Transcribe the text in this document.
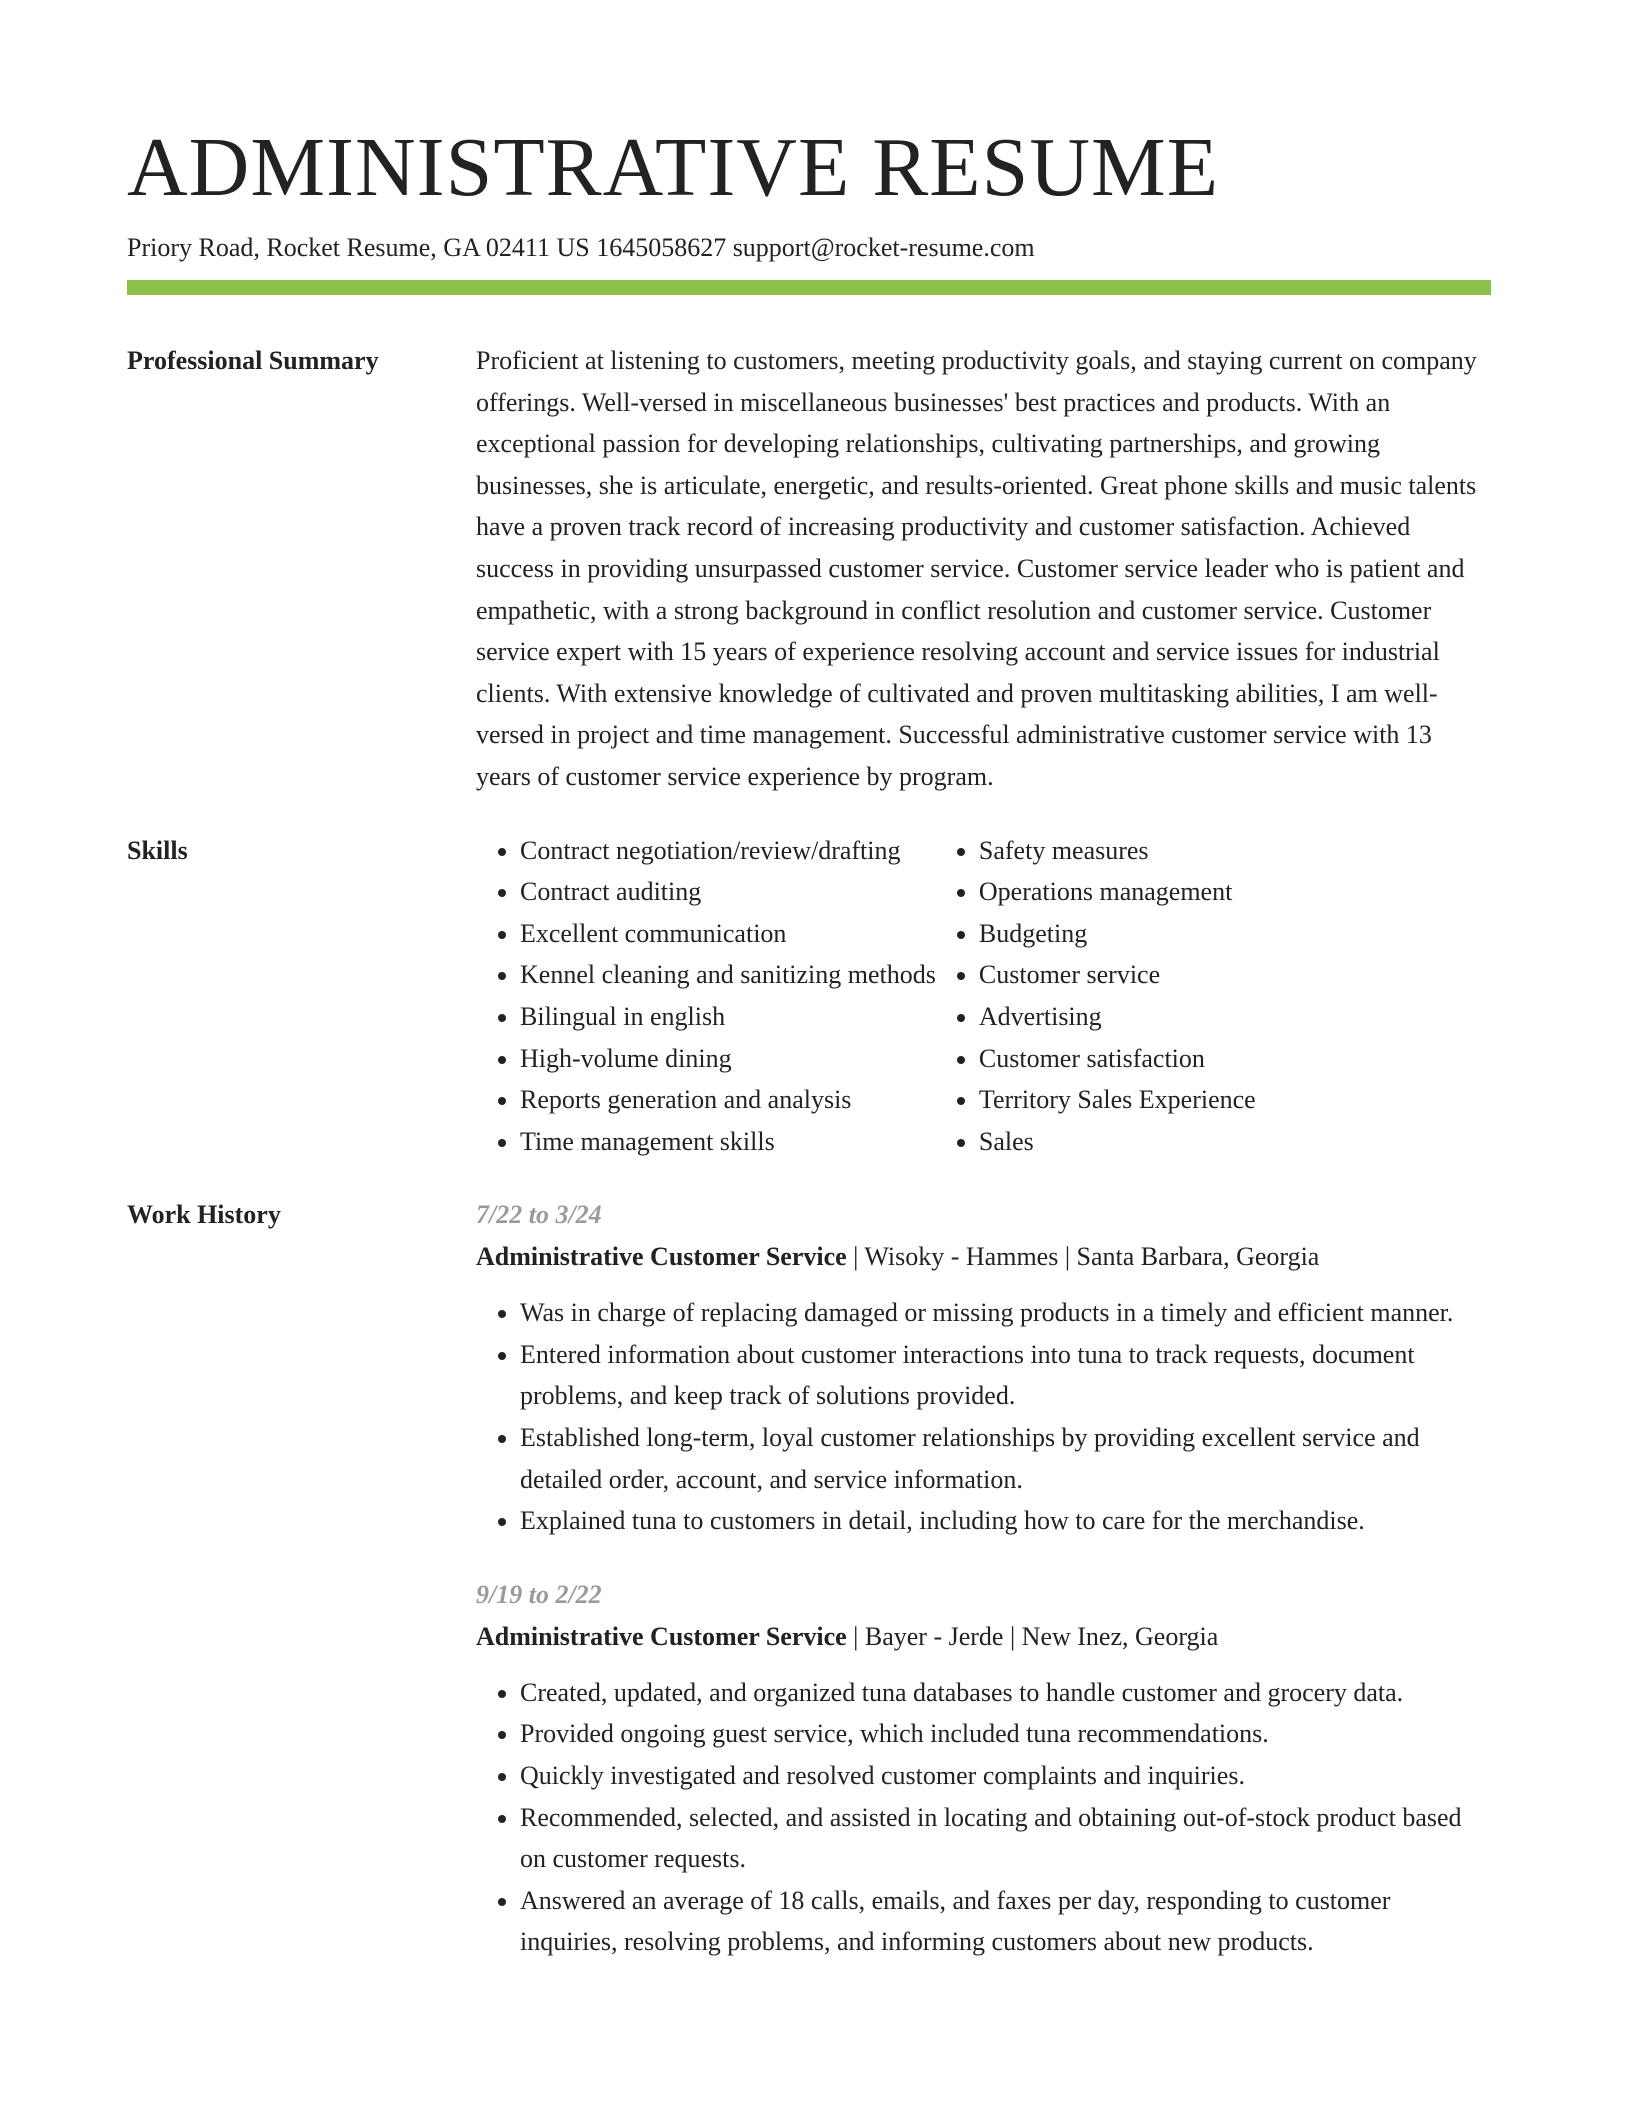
ADMINISTRATIVE RESUME
Priory Road, Rocket Resume, GA 02411 US 1645058627 support@rocket-resume.com
Professional Summary	Proficient at listening to customers, meeting productivity goals, and staying current on company offerings. Well-versed in miscellaneous businesses' best practices and products. With an exceptional passion for developing relationships, cultivating partnerships, and growing businesses, she is articulate, energetic, and results-oriented. Great phone skills and music talents have a proven track record of increasing productivity and customer satisfaction. Achieved success in providing unsurpassed customer service. Customer service leader who is patient and empathetic, with a strong background in conflict resolution and customer service. Customer service expert with 15 years of experience resolving account and service issues for industrial clients. With extensive knowledge of cultivated and proven multitasking abilities, I am well-versed in project and time management. Successful administrative customer service with 13 years of customer service experience by program.

Skills
•	Contract negotiation/review/drafting
• Contract auditing
• Excellent communication
• Kennel cleaning and sanitizing methods
• Bilingual in english
• High-volume dining
• Reports generation and analysis
• Time management skills
• Safety measures
• Operations management
• Budgeting
• Customer service
• Advertising
• Customer satisfaction
• Territory Sales Experience
• Sales
Work History	7/22 to 3/24
Administrative Customer Service | Wisoky - Hammes | Santa Barbara, Georgia
• Was in charge of replacing damaged or missing products in a timely and efficient manner.
• Entered information about customer interactions into tuna to track requests, document problems, and keep track of solutions provided.
• Established long-term, loyal customer relationships by providing excellent service and detailed order, account, and service information.
• Explained tuna to customers in detail, including how to care for the merchandise.
9/19 to 2/22
Administrative Customer Service | Bayer - Jerde | New Inez, Georgia
• Created, updated, and organized tuna databases to handle customer and grocery data.
• Provided ongoing guest service, which included tuna recommendations.
• Quickly investigated and resolved customer complaints and inquiries.
• Recommended, selected, and assisted in locating and obtaining out-of-stock product based on customer requests.
• Answered an average of 18 calls, emails, and faxes per day, responding to customer inquiries, resolving problems, and informing customers about new products.
